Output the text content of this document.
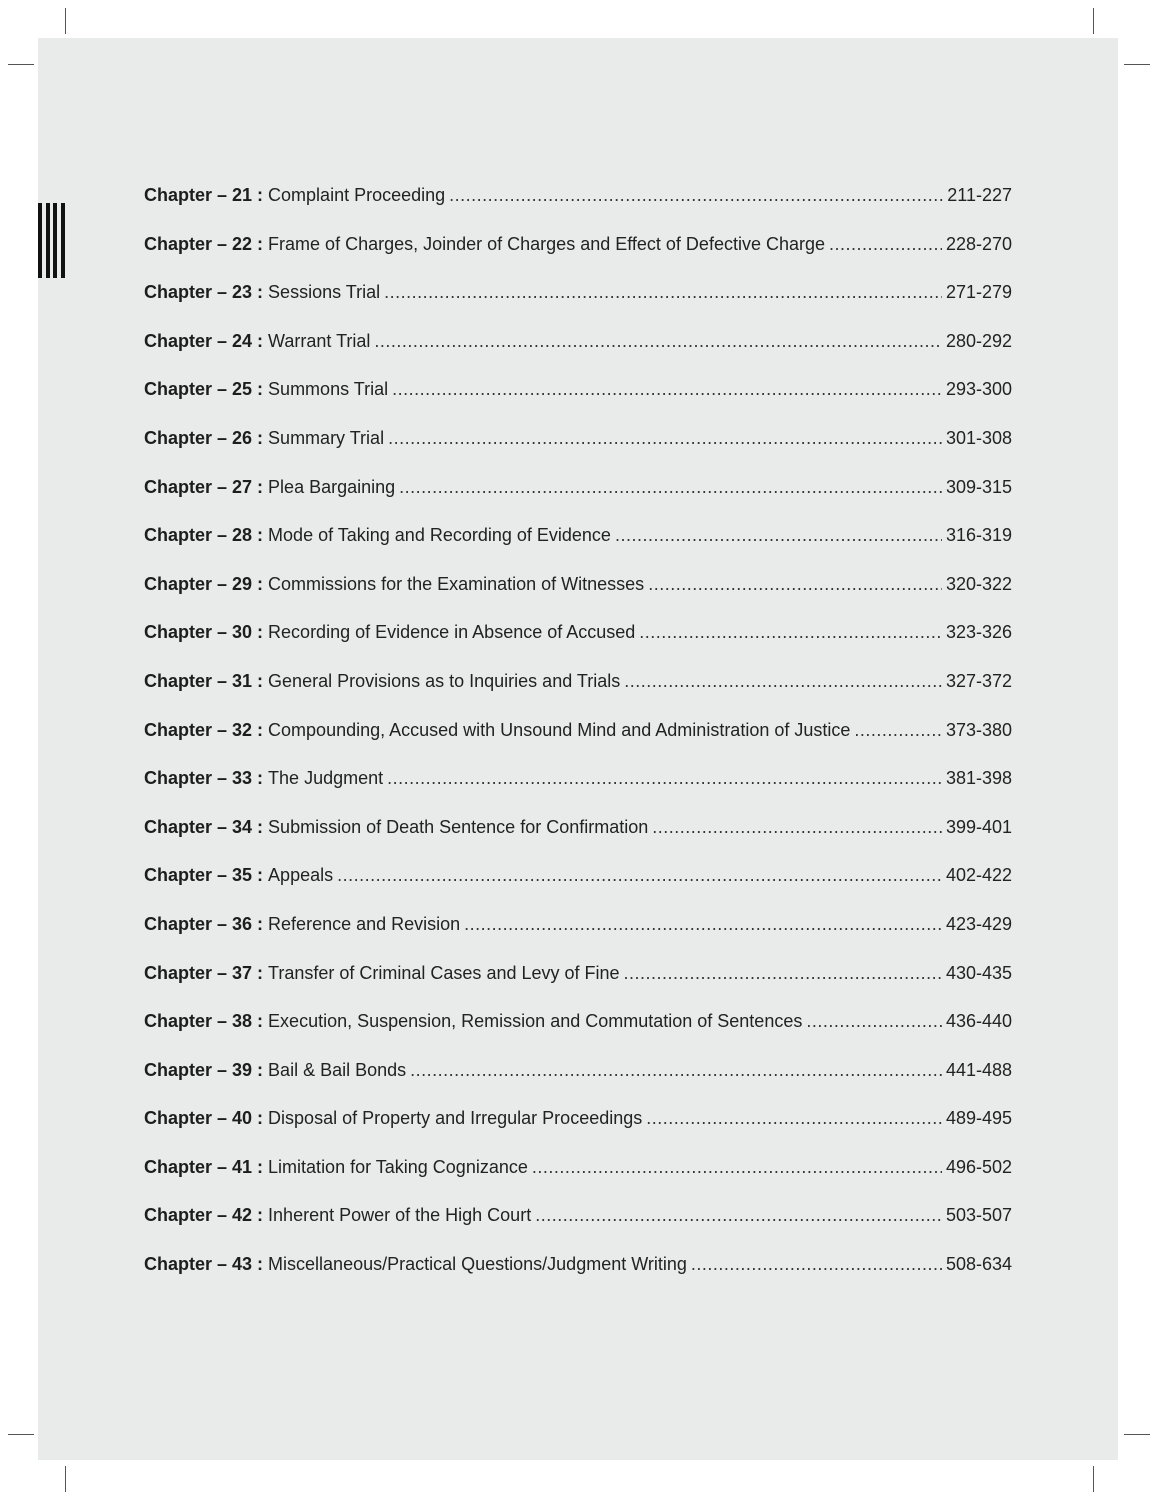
Chapter – 21 : Complaint Proceeding .....	211-227
Chapter – 22 : Frame of Charges, Joinder of Charges and Effect of Defective Charge .....	228-270
Chapter – 23 : Sessions Trial .....	271-279
Chapter – 24 : Warrant Trial .....	280-292
Chapter – 25 : Summons Trial .....	293-300
Chapter – 26 : Summary Trial .....	301-308
Chapter – 27 : Plea Bargaining .....	309-315
Chapter – 28 : Mode of Taking and Recording of Evidence .....	316-319
Chapter – 29 : Commissions for the Examination of Witnesses .....	320-322
Chapter – 30 : Recording of Evidence in Absence of Accused .....	323-326
Chapter – 31 : General Provisions as to Inquiries and Trials .....	327-372
Chapter – 32 : Compounding, Accused with Unsound Mind and Administration of Justice .....	373-380
Chapter – 33 : The Judgment .....	381-398
Chapter – 34 : Submission of Death Sentence for Confirmation .....	399-401
Chapter – 35 : Appeals .....	402-422
Chapter – 36 : Reference and Revision .....	423-429
Chapter – 37 : Transfer of Criminal Cases and Levy of Fine .....	430-435
Chapter – 38 : Execution, Suspension, Remission and Commutation of Sentences .....	436-440
Chapter – 39 : Bail & Bail Bonds .....	441-488
Chapter – 40 : Disposal of Property and Irregular Proceedings .....	489-495
Chapter – 41 : Limitation for Taking Cognizance .....	496-502
Chapter – 42 : Inherent Power of the High Court .....	503-507
Chapter – 43 : Miscellaneous/Practical Questions/Judgment Writing .....	508-634
